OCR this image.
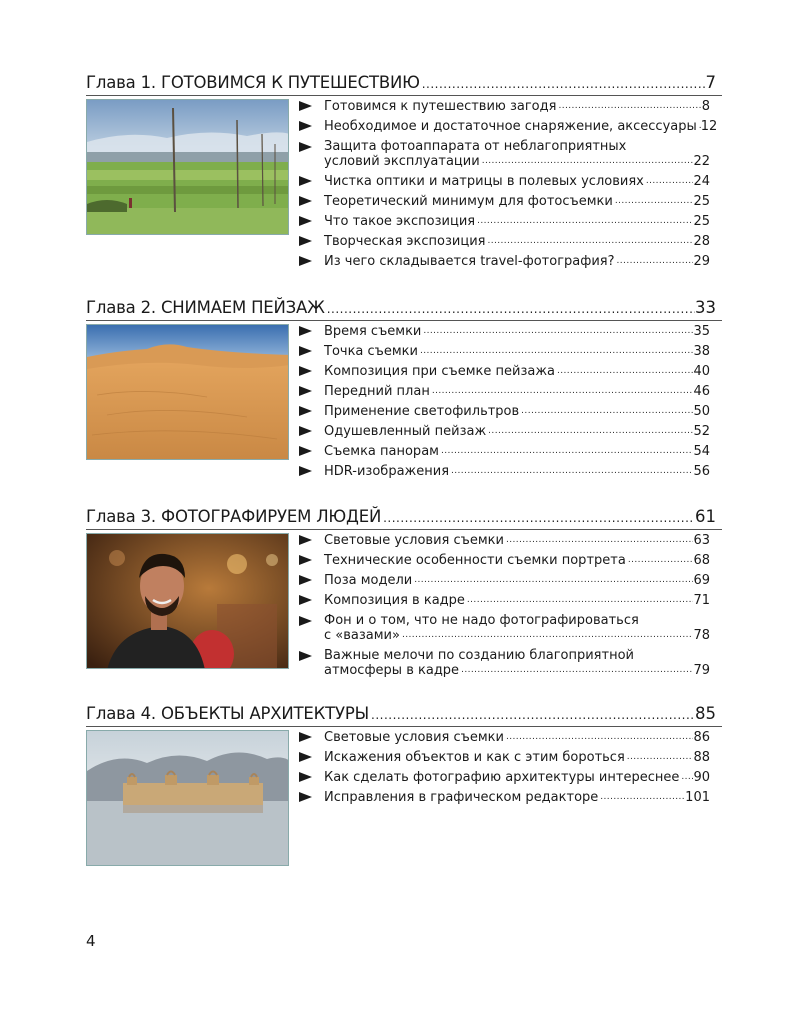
Глава 1. ГОТОВИМСЯ К ПУТЕШЕСТВИЮ .....	7
Готовимся к путешествию загодя .....	8
Необходимое и достаточное снаряжение, аксессуары ..... 12
Защита фотоаппарата от неблагоприятных
условий эксплуатации .....	22
Чистка оптики и матрицы в полевых условиях .....	24
Теоретический минимум для фотосъемки .....	25
Что такое экспозиция .....	25
Творческая экспозиция .....	28
Из чего складывается travel-фотография? .....	29
Глава 2. СНИМАЕМ ПЕЙЗАЖ .....	33
Время съемки .....	35
Точка съемки .....	38
Композиция при съемке пейзажа .....	40
Передний план .....	46
Применение светофильтров .....	50
Одушевленный пейзаж .....	52
Съемка панорам .....	54
HDR-изображения .....	56
Глава 3. ФОТОГРАФИРУЕМ ЛЮДЕЙ .....	61
Световые условия съемки .....	63
Технические особенности съемки портрета .....	68
Поза модели .....	69
Композиция в кадре .....	71
Фон и о том, что не надо фотографироваться
с «вазами» .....	78
Важные мелочи по созданию благоприятной
атмосферы в кадре .....	79
Глава 4. ОБЪЕКТЫ АРХИТЕКТУРЫ .....	85
Световые условия съемки .....	86
Искажения объектов и как с этим бороться .....	88
Как сделать фотографию архитектуры интереснее ..... 90
Исправления в графическом редакторе .....	101
4
